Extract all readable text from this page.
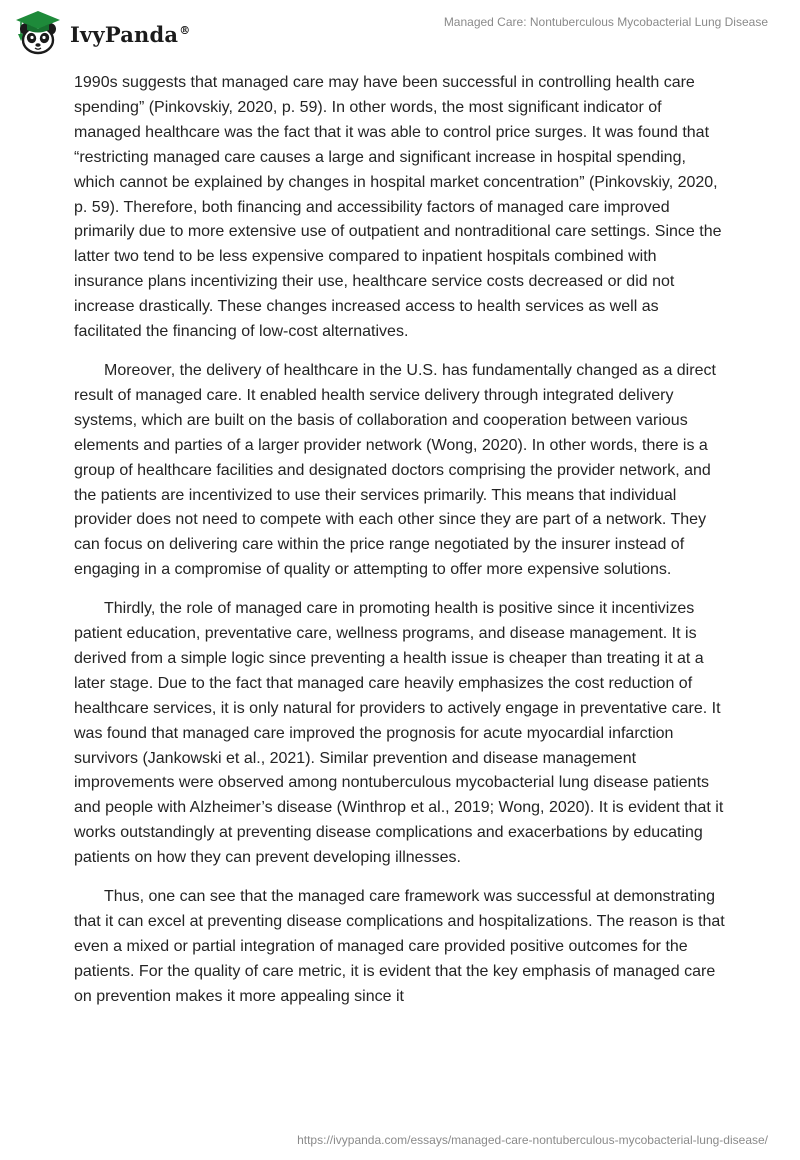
IvyPanda®
Managed Care: Nontuberculous Mycobacterial Lung Disease

1990s suggests that managed care may have been successful in controlling health care spending” (Pinkovskiy, 2020, p. 59). In other words, the most significant indicator of managed healthcare was the fact that it was able to control price surges. It was found that “restricting managed care causes a large and significant increase in hospital spending, which cannot be explained by changes in hospital market concentration” (Pinkovskiy, 2020, p. 59). Therefore, both financing and accessibility factors of managed care improved primarily due to more extensive use of outpatient and nontraditional care settings. Since the latter two tend to be less expensive compared to inpatient hospitals combined with insurance plans incentivizing their use, healthcare service costs decreased or did not increase drastically. These changes increased access to health services as well as facilitated the financing of low-cost alternatives.

Moreover, the delivery of healthcare in the U.S. has fundamentally changed as a direct result of managed care. It enabled health service delivery through integrated delivery systems, which are built on the basis of collaboration and cooperation between various elements and parties of a larger provider network (Wong, 2020). In other words, there is a group of healthcare facilities and designated doctors comprising the provider network, and the patients are incentivized to use their services primarily. This means that individual provider does not need to compete with each other since they are part of a network. They can focus on delivering care within the price range negotiated by the insurer instead of engaging in a compromise of quality or attempting to offer more expensive solutions.

Thirdly, the role of managed care in promoting health is positive since it incentivizes patient education, preventative care, wellness programs, and disease management. It is derived from a simple logic since preventing a health issue is cheaper than treating it at a later stage. Due to the fact that managed care heavily emphasizes the cost reduction of healthcare services, it is only natural for providers to actively engage in preventative care. It was found that managed care improved the prognosis for acute myocardial infarction survivors (Jankowski et al., 2021). Similar prevention and disease management improvements were observed among nontuberculous mycobacterial lung disease patients and people with Alzheimer’s disease (Winthrop et al., 2019; Wong, 2020). It is evident that it works outstandingly at preventing disease complications and exacerbations by educating patients on how they can prevent developing illnesses.

Thus, one can see that the managed care framework was successful at demonstrating that it can excel at preventing disease complications and hospitalizations. The reason is that even a mixed or partial integration of managed care provided positive outcomes for the patients. For the quality of care metric, it is evident that the key emphasis of managed care on prevention makes it more appealing since it

https://ivypanda.com/essays/managed-care-nontuberculous-mycobacterial-lung-disease/
